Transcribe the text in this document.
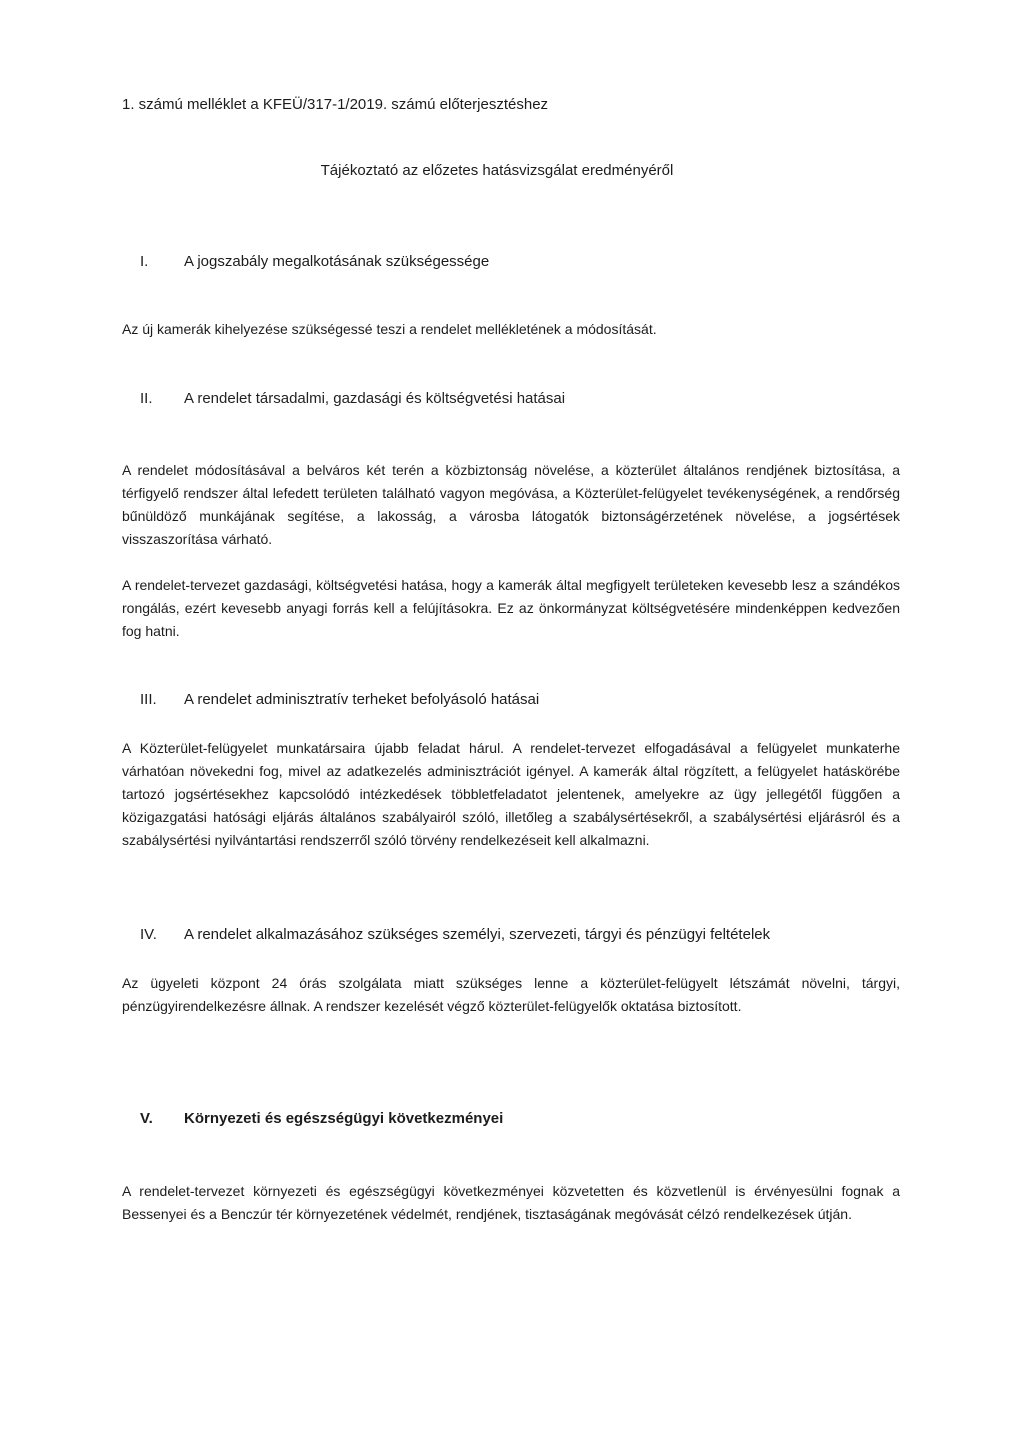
1. számú melléklet a KFEÜ/317-1/2019. számú előterjesztéshez
Tájékoztató az előzetes hatásvizsgálat eredményéről
I. A jogszabály megalkotásának szükségessége

Az új kamerák kihelyezése szükségessé teszi a rendelet mellékletének a módosítását.

II. A rendelet társadalmi, gazdasági és költségvetési hatásai

A rendelet módosításával a belváros két terén a közbiztonság növelése, a közterület általános rendjének biztosítása, a térfigyelő rendszer által lefedett területen található vagyon megóvása, a Közterület-felügyelet tevékenységének, a rendőrség bűnüldöző munkájának segítése, a lakosság, a városba látogatók biztonságérzetének növelése, a jogsértések visszaszorítása várható.

A rendelet-tervezet gazdasági, költségvetési hatása, hogy a kamerák által megfigyelt területeken kevesebb lesz a szándékos rongálás, ezért kevesebb anyagi forrás kell a felújításokra. Ez az önkormányzat költségvetésére mindenképpen kedvezően fog hatni.

III. A rendelet adminisztratív terheket befolyásoló hatásai

A Közterület-felügyelet munkatársaira újabb feladat hárul. A rendelet-tervezet elfogadásával a felügyelet munkaterhe várhatóan növekedni fog, mivel az adatkezelés adminisztrációt igényel. A kamerák által rögzített, a felügyelet hatáskörébe tartozó jogsértésekhez kapcsolódó intézkedések többletfeladatot jelentenek, amelyekre az ügy jellegétől függően a közigazgatási hatósági eljárás általános szabályairól szóló, illetőleg a szabálysértésekről, a szabálysértési eljárásról és a szabálysértési nyilvántartási rendszerről szóló törvény rendelkezéseit kell alkalmazni.

IV. A rendelet alkalmazásához szükséges személyi, szervezeti, tárgyi és pénzügyi feltételek

Az ügyeleti központ 24 órás szolgálata miatt szükséges lenne a közterület-felügyelt létszámát növelni, tárgyi, pénzügyirendelkezésre állnak. A rendszer kezelését végző közterület-felügyelők oktatása biztosított.

V. Környezeti és egészségügyi következményei

A rendelet-tervezet környezeti és egészségügyi következményei közvetetten és közvetlenül is érvényesülni fognak a Bessenyei és a Benczúr tér környezetének védelmét, rendjének, tisztaságának megóvását célzó rendelkezések útján.
